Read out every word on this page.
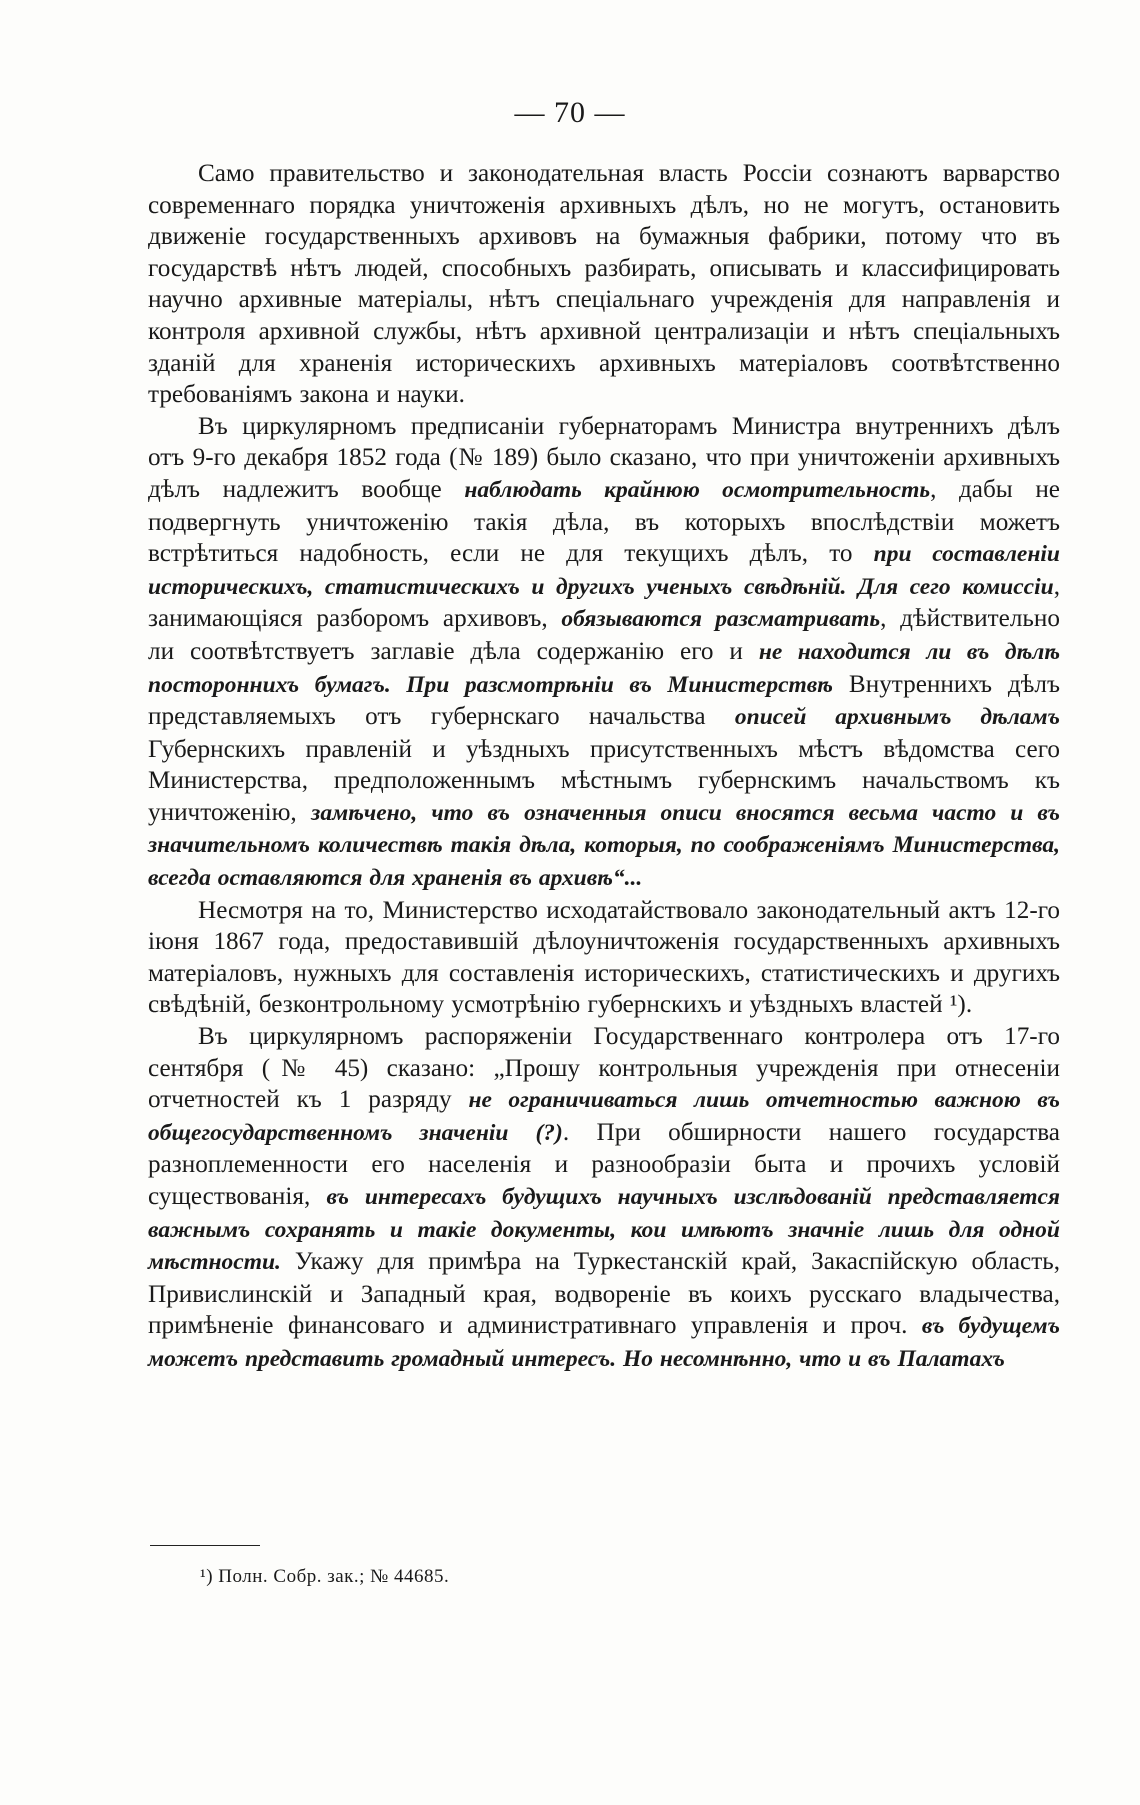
— 70 —

Само правительство и законодательная власть Россіи сознаютъ варварство современнаго порядка уничтоженія архивныхъ дѣлъ, но не могутъ, остановить движеніе государственныхъ архивовъ на бумажныя фабрики, потому что въ государствѣ нѣтъ людей, способныхъ разбирать, описывать и классифицировать научно архивные матеріалы, нѣтъ спеціальнаго учрежденія для направленія и контроля архивной службы, нѣтъ архивной централизаціи и нѣтъ спеціальныхъ зданій для храненія историческихъ архивныхъ матеріаловъ соотвѣтственно требованіямъ закона и науки.

Въ циркулярномъ предписаніи губернаторамъ Министра внутреннихъ дѣлъ отъ 9-го декабря 1852 года (№ 189) было сказано, что при уничтоженіи архивныхъ дѣлъ надлежитъ вообще наблюдать крайнюю осмотрительность, дабы не подвергнуть уничтоженію такія дѣла, въ которыхъ впослѣдствіи можетъ встрѣтиться надобность, если не для текущихъ дѣлъ, то при составленіи историческихъ, статистическихъ и другихъ ученыхъ свѣдѣній. Для сего комиссіи, занимающіяся разборомъ архивовъ, обязываются разсматривать, дѣйствительно ли соотвѣтствуетъ заглавіе дѣла содержанію его и не находится ли въ дѣлѣ постороннихъ бумагъ. При разсмотрѣніи въ Министерствѣ Внутреннихъ дѣлъ представляемыхъ отъ губернскаго начальства описей архивнымъ дѣламъ Губернскихъ правленій и уѣздныхъ присутственныхъ мѣстъ вѣдомства сего Министерства, предположеннымъ мѣстнымъ губернскимъ начальствомъ къ уничтоженію, замѣчено, что въ означенныя описи вносятся весьма часто и въ значительномъ количествѣ такія дѣла, которыя, по соображеніямъ Министерства, всегда оставляются для храненія въ архивѣ“...

Несмотря на то, Министерство исходатайствовало законодательный актъ 12-го іюня 1867 года, предоставившій дѣлоуничтоженія государственныхъ архивныхъ матеріаловъ, нужныхъ для составленія историческихъ, статистическихъ и другихъ свѣдѣній, безконтрольному усмотрѣнію губернскихъ и уѣздныхъ властей ¹).

Въ циркулярномъ распоряженіи Государственнаго контролера отъ 17-го сентября (№ 45) сказано: „Прошу контрольныя учрежденія при отнесеніи отчетностей къ 1 разряду не ограничиваться лишь отчетностью важною въ общегосударственномъ значеніи (?). При обширности нашего государства разноплеменности его населенія и разнообразіи быта и прочихъ условій существованія, въ интересахъ будущихъ научныхъ изслѣдованій представляется важнымъ сохранять и такіе документы, кои имѣютъ значніе лишь для одной мѣстности. Укажу для примѣра на Туркестанскій край, Закаспійскую область, Привислинскій и Западный края, водвореніе въ коихъ русскаго владычества, примѣненіе финансоваго и административнаго управленія и проч. въ будущемъ можетъ представить громадный интересъ. Но несомнѣнно, что и въ Палатахъ

¹) Полн. Собр. зак.; № 44685.
